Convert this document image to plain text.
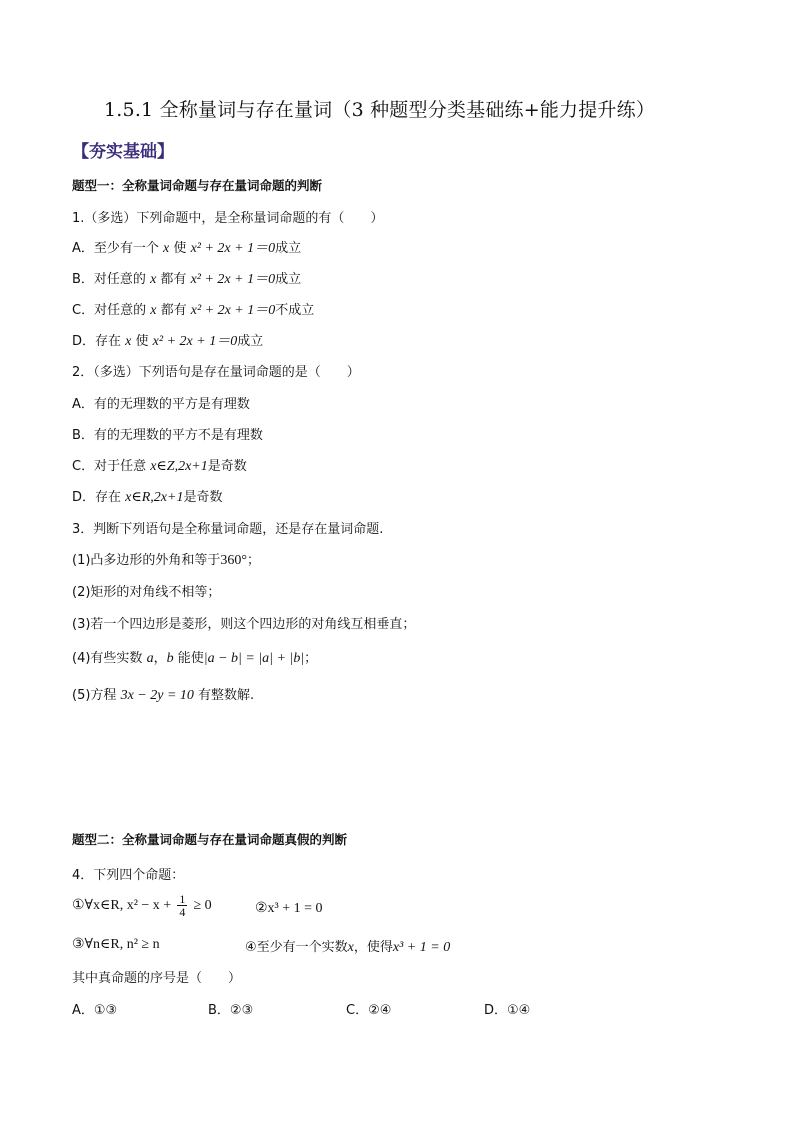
1.5.1 全称量词与存在量词（3 种题型分类基础练+能力提升练）
【夯实基础】
题型一：全称量词命题与存在量词命题的判断
1.（多选）下列命题中，是全称量词命题的有（　　）
A．至少有一个 x 使 x² + 2x + 1＝0成立
B．对任意的 x 都有 x² + 2x + 1＝0成立
C．对任意的 x 都有 x² + 2x + 1＝0不成立
D．存在 x 使 x² + 2x + 1＝0成立
2．（多选）下列语句是存在量词命题的是（　　）
A．有的无理数的平方是有理数
B．有的无理数的平方不是有理数
C．对于任意 x∈Z,2x+1是奇数
D．存在 x∈R,2x+1是奇数
3．判断下列语句是全称量词命题，还是存在量词命题.
(1)凸多边形的外角和等于360°；
(2)矩形的对角线不相等；
(3)若一个四边形是菱形，则这个四边形的对角线互相垂直；
(4)有些实数 a，b 能使|a − b| = |a| + |b|；
(5)方程 3x − 2y = 10 有整数解.
题型二：全称量词命题与存在量词命题真假的判断
4．下列四个命题：
①∀x∈R, $x^2 - x + \frac{1}{4} \ge 0$	②x³ + 1 = 0
③∀n∈R, n² ≥ n	④至少有一个实数x，使得x³ + 1 = 0
其中真命题的序号是（　　）
A．①③	B．②③	C．②④	D．①④
